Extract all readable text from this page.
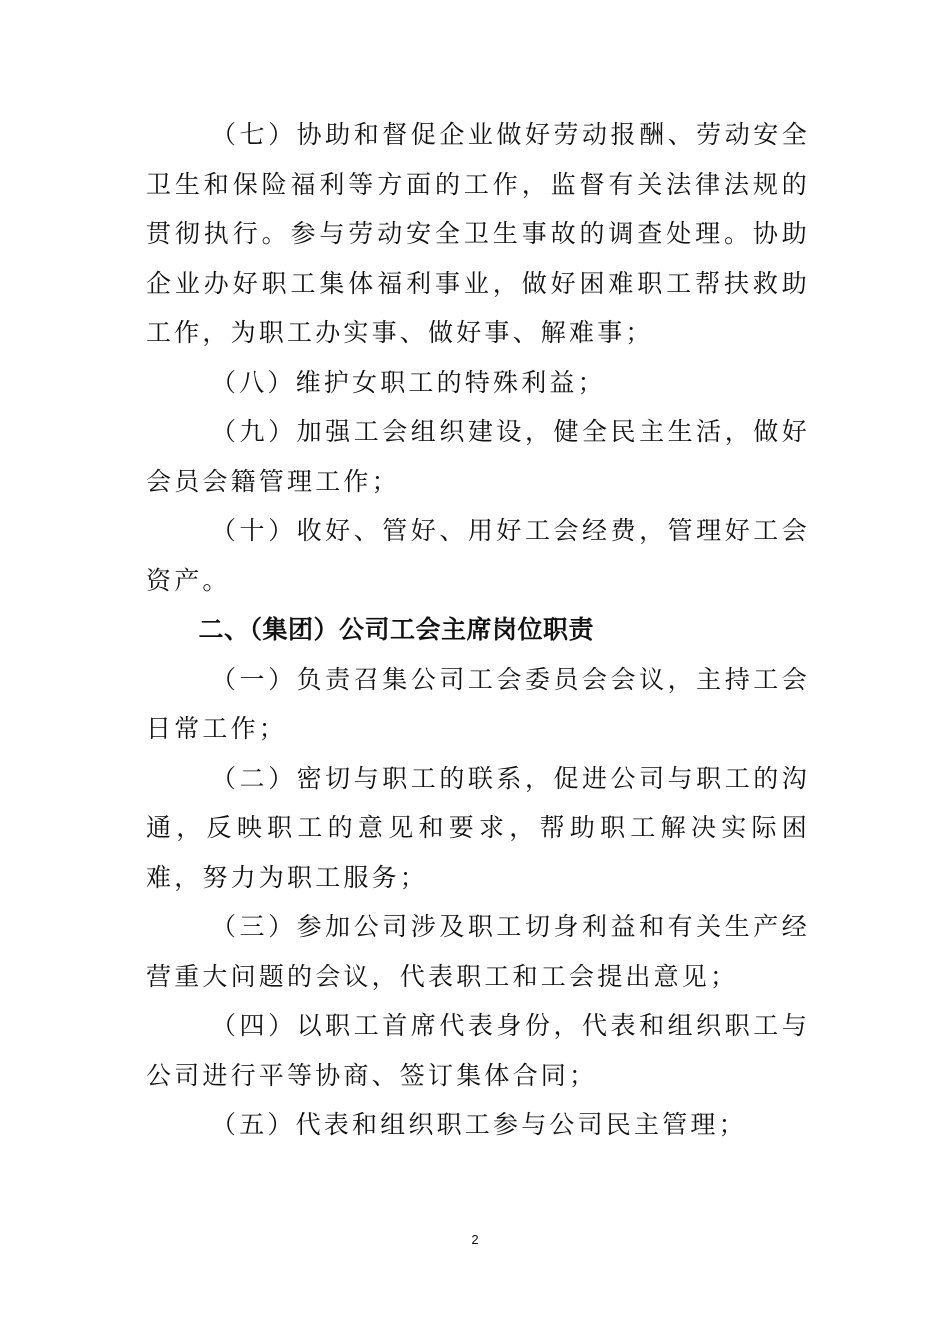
（七）协助和督促企业做好劳动报酬、劳动安全卫生和保险福利等方面的工作，监督有关法律法规的贯彻执行。参与劳动安全卫生事故的调查处理。协助企业办好职工集体福利事业，做好困难职工帮扶救助工作，为职工办实事、做好事、解难事；

（八）维护女职工的特殊利益；

（九）加强工会组织建设，健全民主生活，做好会员会籍管理工作；

（十）收好、管好、用好工会经费，管理好工会资产。

二、（集团）公司工会主席岗位职责

（一）负责召集公司工会委员会会议，主持工会日常工作；

（二）密切与职工的联系，促进公司与职工的沟通，反映职工的意见和要求，帮助职工解决实际困难，努力为职工服务；

（三）参加公司涉及职工切身利益和有关生产经营重大问题的会议，代表职工和工会提出意见；

（四）以职工首席代表身份，代表和组织职工与公司进行平等协商、签订集体合同；

（五）代表和组织职工参与公司民主管理；

2
